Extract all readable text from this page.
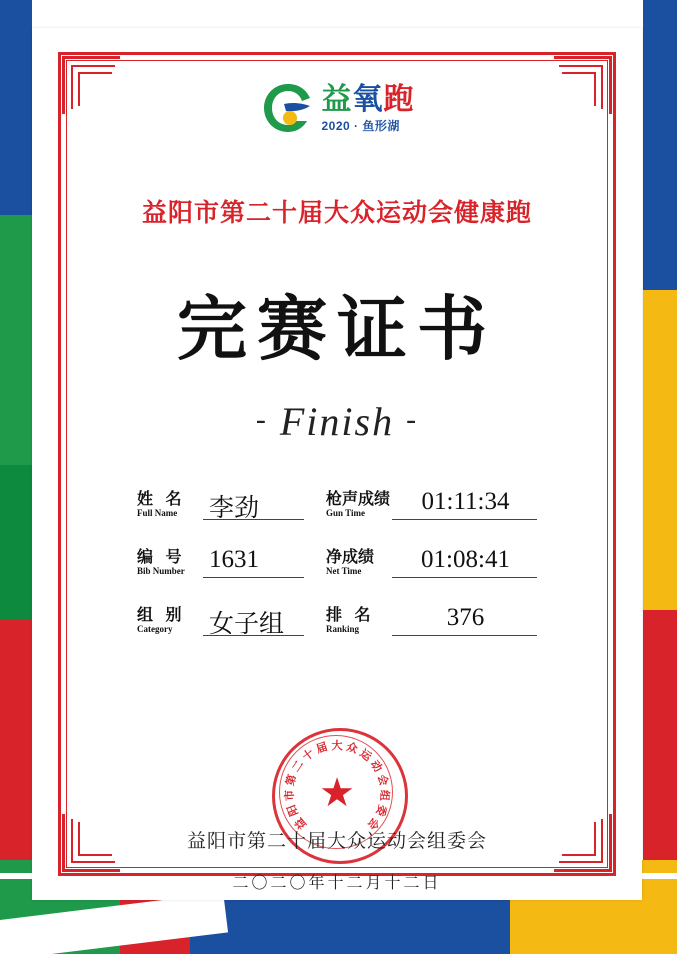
益氧跑
2020 · 鱼形湖
益阳市第二十届大众运动会健康跑
完赛证书
- Finish -
姓 名
Full Name	李劲
编 号
Bib Number 1631
组 别
Category	女子组
枪声成绩
Gun Time	01:11:34
净成绩
Net Time	01:08:41
排 名
Ranking	376
益
阳
市
第
二
十
届 大 众
运
动
会
组
委
会
★
益阳市第二十届大众运动会组委会
二〇二〇年十二月十二日
